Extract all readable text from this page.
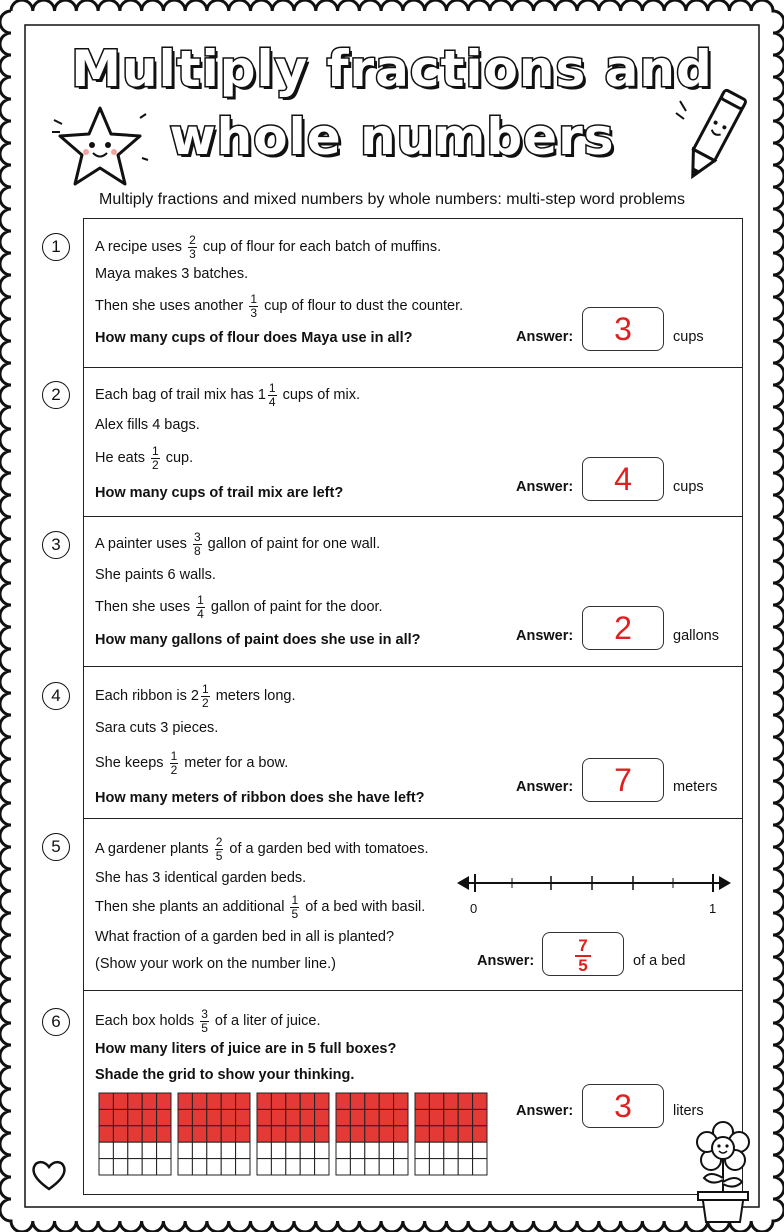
Multiply fractions and
whole numbers
Multiply fractions and mixed numbers by whole numbers: multi-step word problems
1	A recipe uses $\frac{2}{3}$ cup of flour for each batch of muffins.
Maya makes 3 batches.
Then she uses another $\frac{1}{3}$ cup of flour to dust the counter.
How many cups of flour does Maya use in all?	Answer:	3	cups
2	Each bag of trail mix has $1 \frac{1}{4}$ cups of mix.
Alex fills 4 bags.
He eats $\frac{1}{2}$ cup.
How many cups of trail mix are left?	Answer:	4	cups
3	A painter uses $\frac{3}{8}$ gallon of paint for one wall.
She paints 6 walls.
Then she uses $\frac{1}{4}$ gallon of paint for the door.
How many gallons of paint does she use in all?	Answer:	2	gallons
4	Each ribbon is $2 \frac{1}{2}$ meters long.
Sara cuts 3 pieces.
She keeps $\frac{1}{2}$ meter for a bow.
How many meters of ribbon does she have left?
Answer:	7	meters
5	A gardener plants $\frac{2}{5}$ of a garden bed with tomatoes.
She has 3 identical garden beds.
Then she plants an additional $\frac{1}{5}$ of a bed with basil.
What fraction of a garden bed in all is planted?
(Show your work on the number line.)
0	1
Answer: $\frac{7}{5}$	of a bed
6	Each box holds $\frac{3}{5}$ of a liter of juice.
How many liters of juice are in 5 full boxes?
Shade the grid to show your thinking.
Answer:	3	liters
